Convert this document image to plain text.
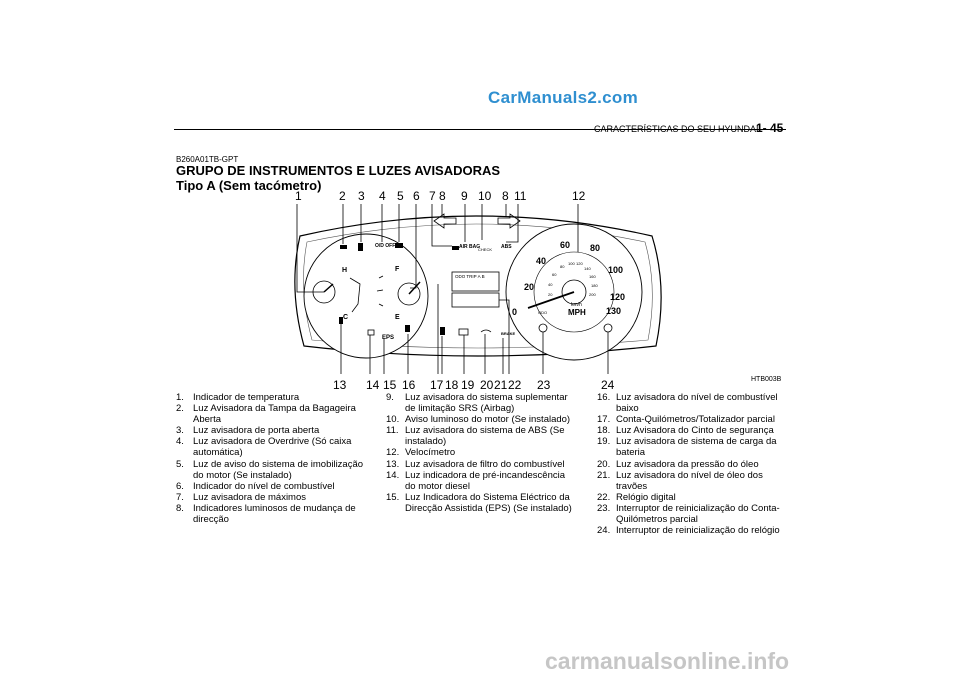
CarManuals2.com
CARACTERÍSTICAS DO SEU HYUNDAI
1- 45
B260A01TB-GPT
GRUPO DE INSTRUMENTOS E LUZES AVISADORAS
Tipo A (Sem tacómetro)
1	2 3 4 5 6 7 8 9 10 8 11	12
H
C
F
E
EPS
O/D OFF	AIR BAG
CHECK ABS
BRAKE
ODO TRIP A B
0
20
40
60 80
100
120
130
20
40
60
80
100 120
140
160
180
200
km/h
MPH
ODO
13 14 15 16 17 18 19 20 21 22 23	24	HTB003B
1. Indicador de temperatura
2. Luz Avisadora da Tampa da Bagageira Aberta
3. Luz avisadora de porta aberta
4. Luz avisadora de Overdrive (Só caixa automática)
5. Luz de aviso do sistema de imobilização do motor (Se instalado)
6. Indicador do nível de combustível
7. Luz avisadora de máximos
8. Indicadores luminosos de mudança de direcção
9.	Luz avisadora do sistema suplementar de limitação SRS (Airbag)
10. Aviso luminoso do motor (Se instalado)
11. Luz avisadora do sistema de ABS (Se instalado)
12. Velocímetro
13. Luz avisadora de filtro do combustível
14. Luz indicadora de pré-incandescência do motor diesel
15. Luz Indicadora do Sistema Eléctrico da Direcção Assistida (EPS) (Se instalado)
16. Luz avisadora do nível de combustível baixo
17. Conta-Quilómetros/Totalizador parcial
18. Luz Avisadora do Cinto de segurança
19. Luz avisadora de sistema de carga da bateria
20. Luz avisadora da pressão do óleo
21. Luz avisadora do nível de óleo dos travões
22. Relógio digital
23. Interruptor de reinicialização do Conta-Quilómetros parcial
24. Interruptor de reinicialização do relógio
carmanualsonline.info
